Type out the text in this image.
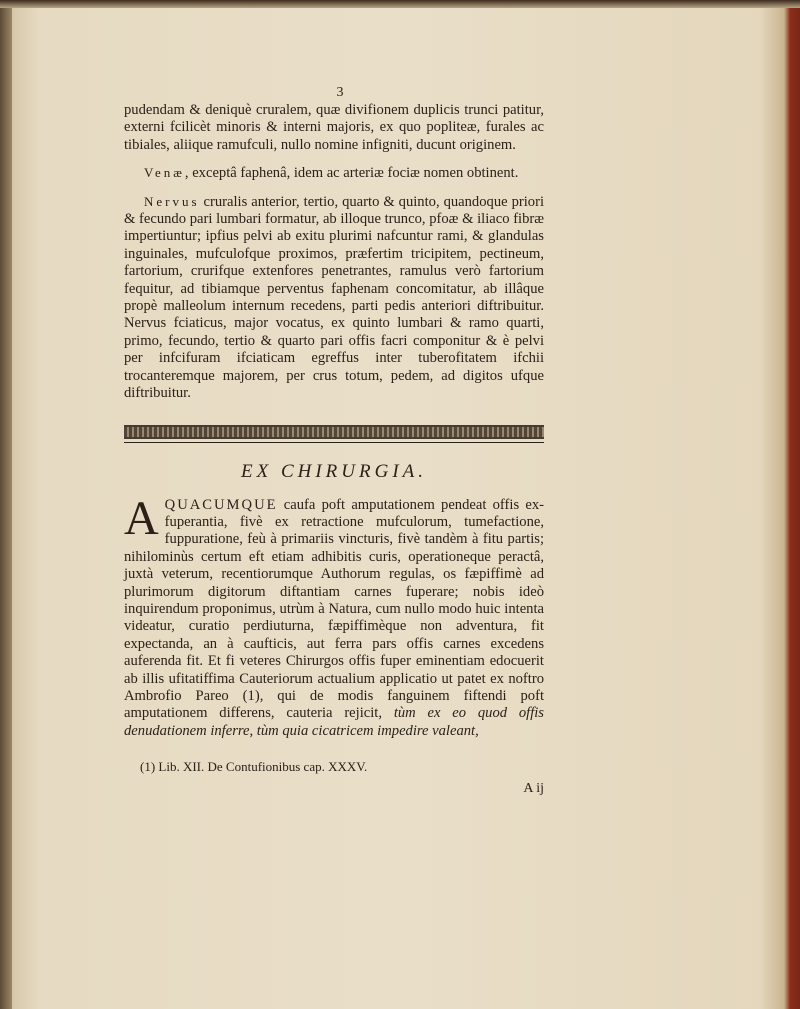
3

pudendam & deniquè cruralem, quæ divifionem duplicis trunci patitur, externi fcilicèt minoris & interni majoris, ex quo popliteæ, furales ac tibiales, aliique ramufculi, nullo nomine infigniti, ducunt originem.

Venæ, exceptâ faphenâ, idem ac arteriæ fociæ nomen obtinent.

Nervus cruralis anterior, tertio, quarto & quinto, quandoque priori & fecundo pari lumbari formatur, ab illoque trunco, pfoæ & iliaco fibræ impertiuntur; ipfius pelvi ab exitu plurimi nafcuntur rami, & glandulas inguinales, mufculofque proximos, præfertim tricipitem, pectineum, fartorium, crurifque extenfores penetrantes, ramulus verò fartorium fequitur, ad tibiamque perventus faphenam concomitatur, ab illâque propè malleolum internum recedens, parti pedis anteriori diftribuitur. Nervus fciaticus, major vocatus, ex quinto lumbari & ramo quarti, primo, fecundo, tertio & quarto pari offis facri componitur & è pelvi per infcifuram ifciaticam egreffus inter tuberofitatem ifchii trocanteremque majorem, per crus totum, pedem, ad digitos ufque diftribuitur.

EX CHIRURGIA.

AQUACUMQUE caufa poft amputationem pendeat offis ex-fuperantia, fivè ex retractione mufculorum, tumefactione, fuppuratione, feù à primariis vincturis, fivè tandèm à fitu partis; nihilominùs certum eft etiam adhibitis curis, operationeque peractâ, juxtà veterum, recentiorumque Authorum regulas, os fæpiffimè ad plurimorum digitorum diftantiam carnes fuperare; nobis ideò inquirendum proponimus, utrùm à Natura, cum nullo modo huic intenta videatur, curatio perdiuturna, fæpiffimèque non adventura, fit expectanda, an à caufticis, aut ferra pars offis carnes excedens auferenda fit. Et fi veteres Chirurgos offis fuper eminentiam edocuerit ab illis ufitatiffima Cauteriorum actualium applicatio ut patet ex noftro Ambrofio Pareo (1), qui de modis fanguinem fiftendi poft amputationem differens, cauteria rejicit, tùm ex eo quod offis denudationem inferre, tùm quia cicatricem impedire valeant,

(1) Lib. XII. De Contufionibus cap. XXXV.
A ij
